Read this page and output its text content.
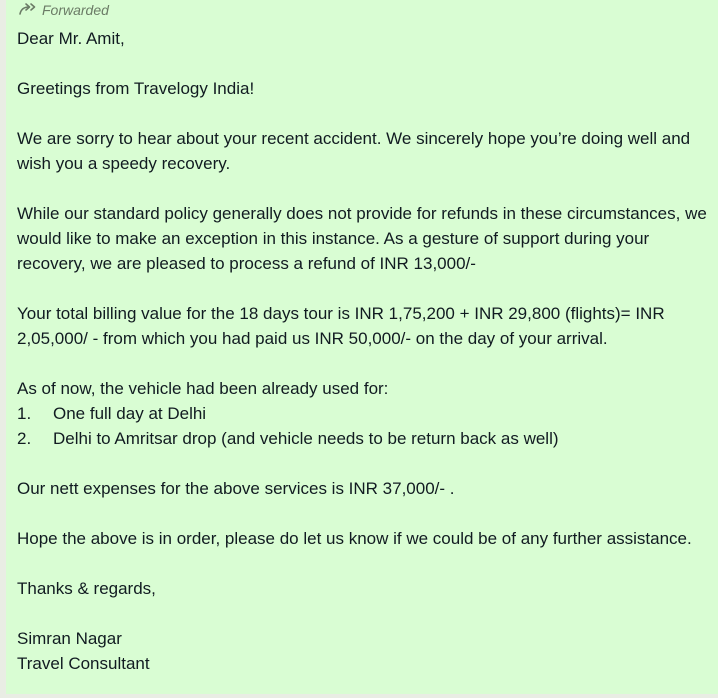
Forwarded

Dear Mr. Amit,

Greetings from Travelogy India!

We are sorry to hear about your recent accident. We sincerely hope you’re doing well and wish you a speedy recovery.

While our standard policy generally does not provide for refunds in these circumstances, we would like to make an exception in this instance. As a gesture of support during your recovery, we are pleased to process a refund of INR 13,000/-

Your total billing value for the 18 days tour is INR 1,75,200 + INR 29,800 (flights)= INR 2,05,000/ - from which you had paid us INR 50,000/- on the day of your arrival.

As of now, the vehicle had been already used for:

1.	One full day at Delhi
2.	Delhi to Amritsar drop (and vehicle needs to be return back as well)

Our nett expenses for the above services is INR 37,000/- .

Hope the above is in order, please do let us know if we could be of any further assistance.

Thanks & regards,

Simran Nagar

Travel Consultant
